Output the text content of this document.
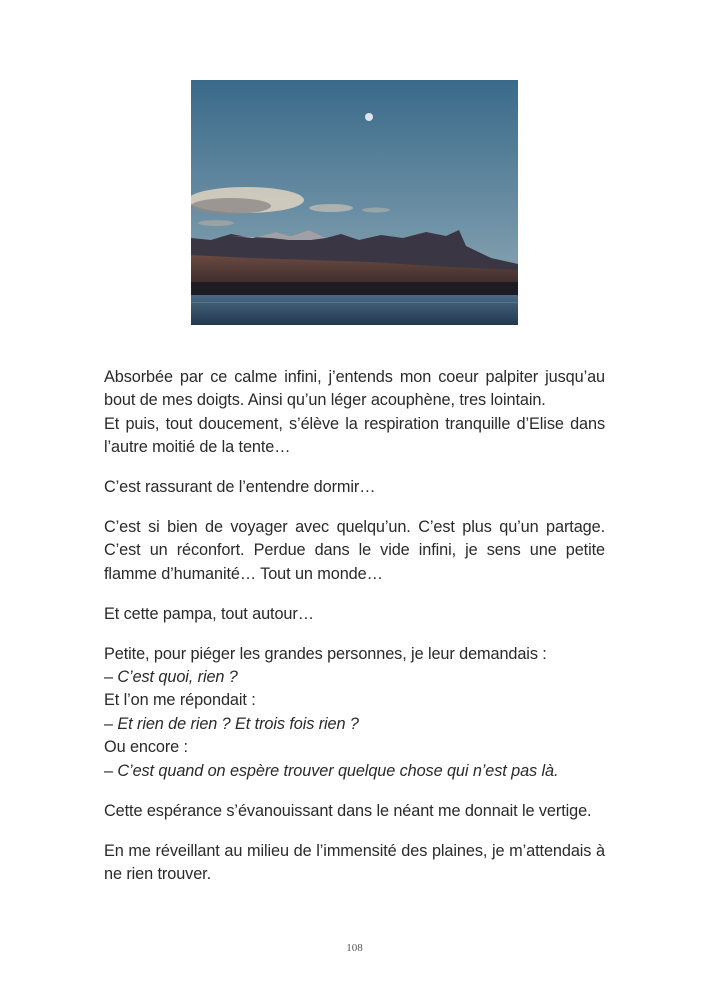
Absorbée par ce calme infini, j’entends mon coeur palpiter jusqu’au
bout de mes doigts. Ainsi qu’un léger acouphène, tres lointain.
Et puis, tout doucement, s’élève la respiration tranquille d’Elise dans
l’autre moitié de la tente…

C’est rassurant de l’entendre dormir…

C’est si bien de voyager avec quelqu’un. C’est plus qu’un partage.
C’est un réconfort. Perdue dans le vide infini, je sens une petite
flamme d’humanité… Tout un monde…

Et cette pampa, tout autour…

Petite, pour piéger les grandes personnes, je leur demandais :
– C’est quoi, rien ?
Et l’on me répondait :
– Et rien de rien ? Et trois fois rien ?
Ou encore :
– C’est quand on espère trouver quelque chose qui n’est pas là.

Cette espérance s’évanouissant dans le néant me donnait le vertige.

En me réveillant au milieu de l’immensité des plaines, je m’attendais à
ne rien trouver.

108
